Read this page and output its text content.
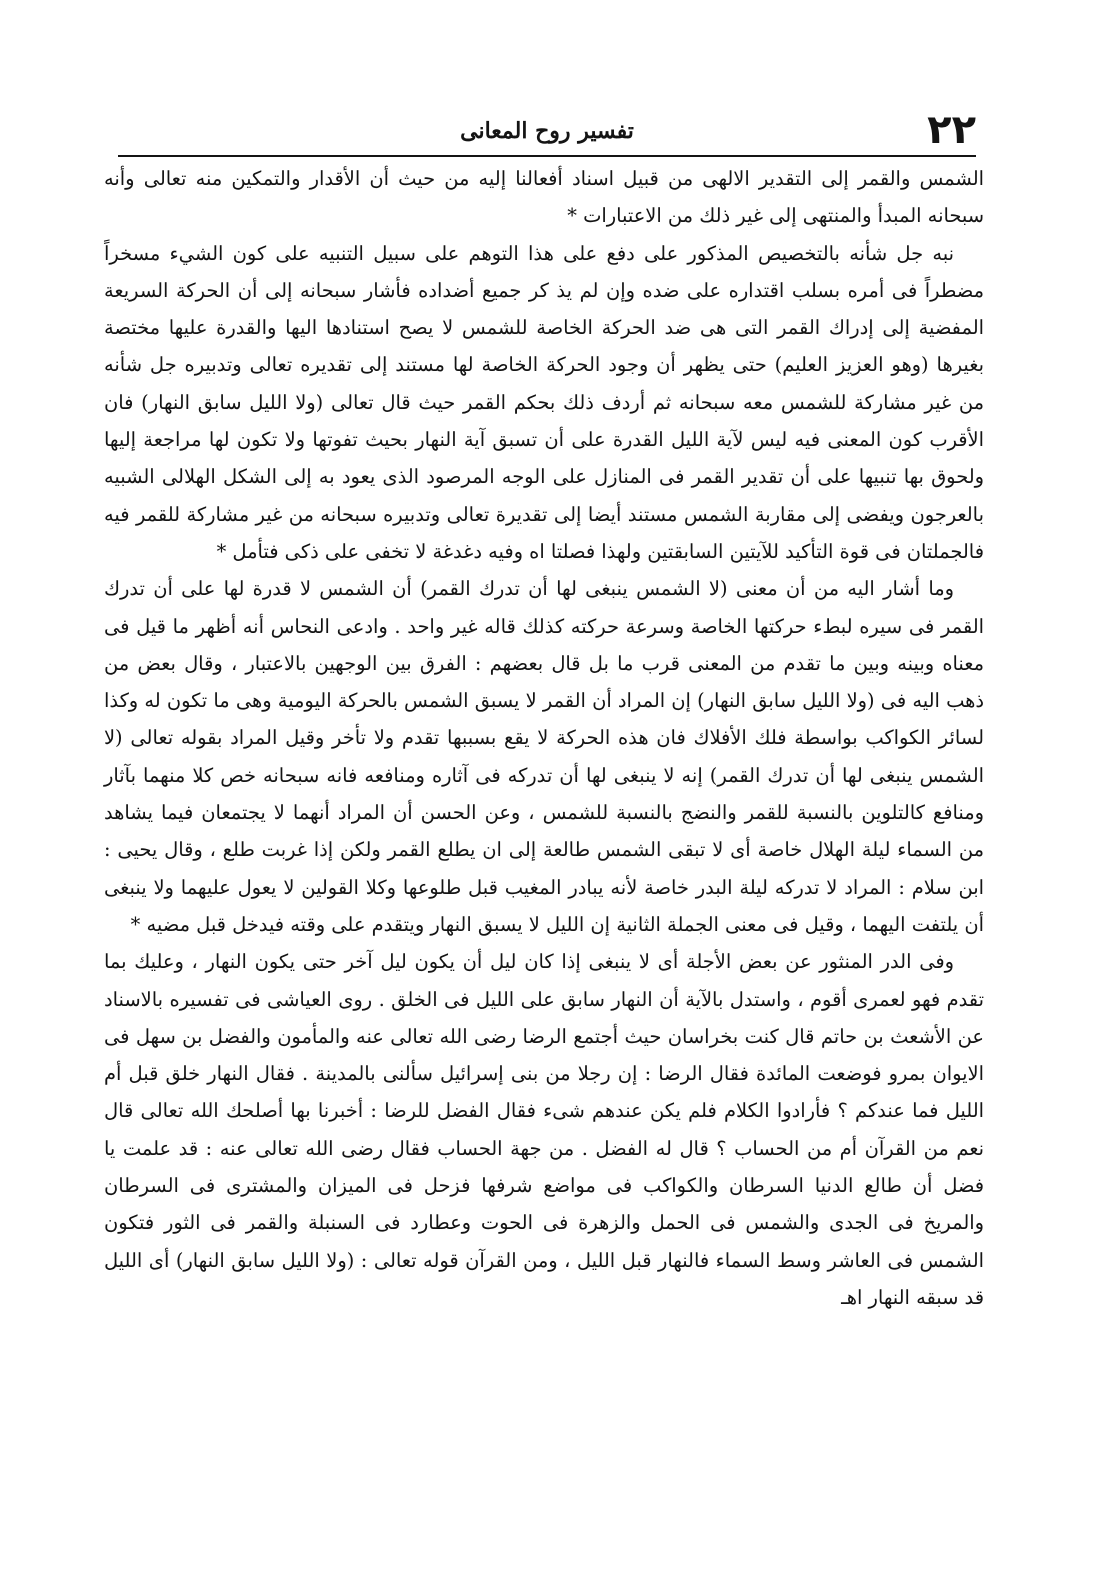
٢٢
تفسير روح المعانى

الشمس والقمر إلى التقدير الالهى من قبيل اسناد أفعالنا إليه من حيث أن الأقدار والتمكين منه تعالى وأنه سبحانه المبدأ والمنتهى إلى غير ذلك من الاعتبارات *

نبه جل شأنه بالتخصيص المذكور على دفع على هذا التوهم على سبيل التنبيه على كون الشيء مسخراً مضطراً فى أمره بسلب اقتداره على ضده وإن لم يذ كر جميع أضداده فأشار سبحانه إلى أن الحركة السريعة المفضية إلى إدراك القمر التى هى ضد الحركة الخاصة للشمس لا يصح استنادها اليها والقدرة عليها مختصة بغيرها (وهو العزيز العليم) حتى يظهر أن وجود الحركة الخاصة لها مستند إلى تقديره تعالى وتدبيره جل شأنه من غير مشاركة للشمس معه سبحانه ثم أردف ذلك بحكم القمر حيث قال تعالى (ولا الليل سابق النهار) فان الأقرب كون المعنى فيه ليس لآية الليل القدرة على أن تسبق آية النهار بحيث تفوتها ولا تكون لها مراجعة إليها ولحوق بها تنبيها على أن تقدير القمر فى المنازل على الوجه المرصود الذى يعود به إلى الشكل الهلالى الشبيه بالعرجون ويفضى إلى مقاربة الشمس مستند أيضا إلى تقديرة تعالى وتدبيره سبحانه من غير مشاركة للقمر فيه فالجملتان فى قوة التأكيد للآيتين السابقتين ولهذا فصلتا اه وفيه دغدغة لا تخفى على ذكى فتأمل *

وما أشار اليه من أن معنى (لا الشمس ينبغى لها أن تدرك القمر) أن الشمس لا قدرة لها على أن تدرك القمر فى سيره لبطء حركتها الخاصة وسرعة حركته كذلك قاله غير واحد . وادعى النحاس أنه أظهر ما قيل فى معناه وبينه وبين ما تقدم من المعنى قرب ما بل قال بعضهم : الفرق بين الوجهين بالاعتبار ، وقال بعض من ذهب اليه فى (ولا الليل سابق النهار) إن المراد أن القمر لا يسبق الشمس بالحركة اليومية وهى ما تكون له وكذا لسائر الكواكب بواسطة فلك الأفلاك فان هذه الحركة لا يقع بسببها تقدم ولا تأخر وقيل المراد بقوله تعالى (لا الشمس ينبغى لها أن تدرك القمر) إنه لا ينبغى لها أن تدركه فى آثاره ومنافعه فانه سبحانه خص كلا منهما بآثار ومنافع كالتلوين بالنسبة للقمر والنضج بالنسبة للشمس ، وعن الحسن أن المراد أنهما لا يجتمعان فيما يشاهد من السماء ليلة الهلال خاصة أى لا تبقى الشمس طالعة إلى ان يطلع القمر ولكن إذا غربت طلع ، وقال يحيى : ابن سلام : المراد لا تدركه ليلة البدر خاصة لأنه يبادر المغيب قبل طلوعها وكلا القولين لا يعول عليهما ولا ينبغى أن يلتفت اليهما ، وقيل فى معنى الجملة الثانية إن الليل لا يسبق النهار ويتقدم على وقته فيدخل قبل مضيه *

وفى الدر المنثور عن بعض الأجلة أى لا ينبغى إذا كان ليل أن يكون ليل آخر حتى يكون النهار ، وعليك بما تقدم فهو لعمرى أقوم ، واستدل بالآية أن النهار سابق على الليل فى الخلق . روى العياشى فى تفسيره بالاسناد عن الأشعث بن حاتم قال كنت بخراسان حيث أجتمع الرضا رضى الله تعالى عنه والمأمون والفضل بن سهل فى الايوان بمرو فوضعت المائدة فقال الرضا : إن رجلا من بنى إسرائيل سألنى بالمدينة . فقال النهار خلق قبل أم الليل فما عندكم ؟ فأرادوا الكلام فلم يكن عندهم شىء فقال الفضل للرضا : أخبرنا بها أصلحك الله تعالى قال نعم من القرآن أم من الحساب ؟ قال له الفضل . من جهة الحساب فقال رضى الله تعالى عنه : قد علمت يا فضل أن طالع الدنيا السرطان والكواكب فى مواضع شرفها فزحل فى الميزان والمشترى فى السرطان والمريخ فى الجدى والشمس فى الحمل والزهرة فى الحوت وعطارد فى السنبلة والقمر فى الثور فتكون الشمس فى العاشر وسط السماء فالنهار قبل الليل ، ومن القرآن قوله تعالى : (ولا الليل سابق النهار) أى الليل قد سبقه النهار اهـ
